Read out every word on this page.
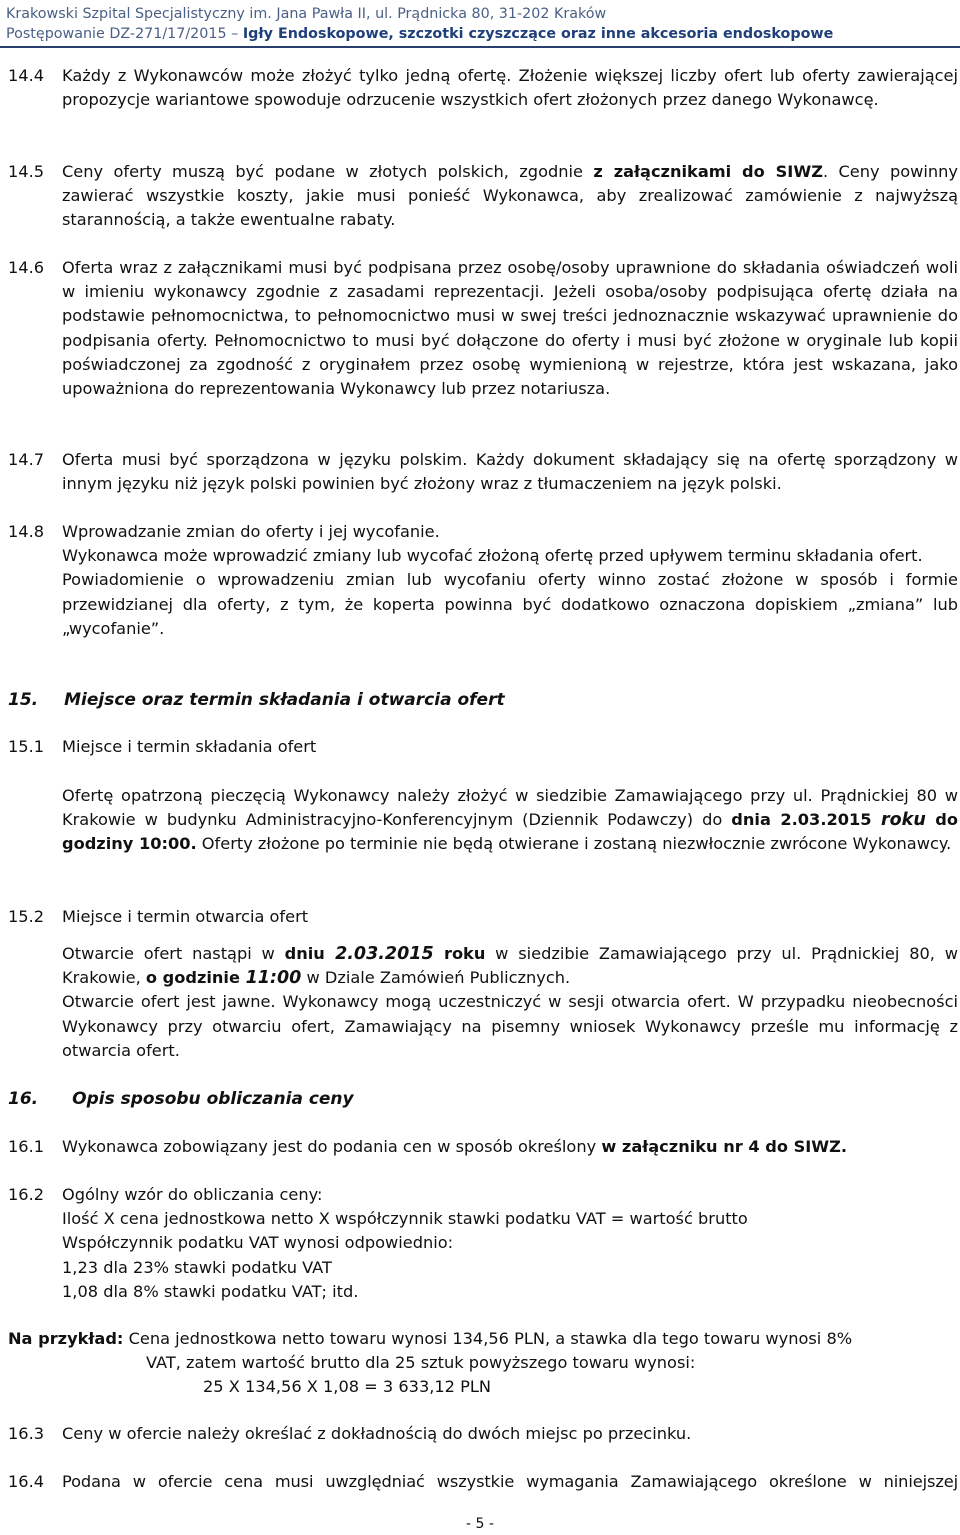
Krakowski Szpital Specjalistyczny im. Jana Pawła II, ul. Prądnicka 80, 31-202 Kraków
Postępowanie DZ-271/17/2015 – Igły Endoskopowe, szczotki czyszczące oraz inne akcesoria endoskopowe
14.4 Każdy z Wykonawców może złożyć tylko jedną ofertę. Złożenie większej liczby ofert lub oferty zawierającej propozycje wariantowe spowoduje odrzucenie wszystkich ofert złożonych przez danego Wykonawcę.
14.5 Ceny oferty muszą być podane w złotych polskich, zgodnie z załącznikami do SIWZ. Ceny powinny zawierać wszystkie koszty, jakie musi ponieść Wykonawca, aby zrealizować zamówienie z najwyższą starannością, a także ewentualne rabaty.
14.6 Oferta wraz z załącznikami musi być podpisana przez osobę/osoby uprawnione do składania oświadczeń woli w imieniu wykonawcy zgodnie z zasadami reprezentacji. Jeżeli osoba/osoby podpisująca ofertę działa na podstawie pełnomocnictwa, to pełnomocnictwo musi w swej treści jednoznacznie wskazywać uprawnienie do podpisania oferty. Pełnomocnictwo to musi być dołączone do oferty i musi być złożone w oryginale lub kopii poświadczonej za zgodność z oryginałem przez osobę wymienioną w rejestrze, która jest wskazana, jako upoważniona do reprezentowania Wykonawcy lub przez notariusza.
14.7 Oferta musi być sporządzona w języku polskim. Każdy dokument składający się na ofertę sporządzony w innym języku niż język polski powinien być złożony wraz z tłumaczeniem na język polski.
14.8 Wprowadzanie zmian do oferty i jej wycofanie.
Wykonawca może wprowadzić zmiany lub wycofać złożoną ofertę przed upływem terminu składania ofert.
Powiadomienie o wprowadzeniu zmian lub wycofaniu oferty winno zostać złożone w sposób i formie przewidzianej dla oferty, z tym, że koperta powinna być dodatkowo oznaczona dopiskiem „zmiana” lub „wycofanie”.
15. Miejsce oraz termin składania i otwarcia ofert
15.1 Miejsce i termin składania ofert
Ofertę opatrzoną pieczęcią Wykonawcy należy złożyć w siedzibie Zamawiającego przy ul. Prądnickiej 80 w Krakowie w budynku Administracyjno-Konferencyjnym (Dziennik Podawczy) do dnia 2.03.2015 roku do godziny 10:00. Oferty złożone po terminie nie będą otwierane i zostaną niezwłocznie zwrócone Wykonawcy.
15.2 Miejsce i termin otwarcia ofert
Otwarcie ofert nastąpi w dniu 2.03.2015 roku w siedzibie Zamawiającego przy ul. Prądnickiej 80, w Krakowie, o godzinie 11:00 w Dziale Zamówień Publicznych.
Otwarcie ofert jest jawne. Wykonawcy mogą uczestniczyć w sesji otwarcia ofert. W przypadku nieobecności Wykonawcy przy otwarciu ofert, Zamawiający na pisemny wniosek Wykonawcy prześle mu informację z otwarcia ofert.
16. Opis sposobu obliczania ceny
16.1 Wykonawca zobowiązany jest do podania cen w sposób określony w załączniku nr 4 do SIWZ.
16.2 Ogólny wzór do obliczania ceny:
Ilość X cena jednostkowa netto X współczynnik stawki podatku VAT = wartość brutto
Współczynnik podatku VAT wynosi odpowiednio:
1,23 dla 23% stawki podatku VAT
1,08 dla 8% stawki podatku VAT; itd.
Na przykład: Cena jednostkowa netto towaru wynosi 134,56 PLN, a stawka dla tego towaru wynosi 8%
VAT, zatem wartość brutto dla 25 sztuk powyższego towaru wynosi:
25 X 134,56 X 1,08 = 3 633,12 PLN
16.3 Ceny w ofercie należy określać z dokładnością do dwóch miejsc po przecinku.
16.4 Podana w ofercie cena musi uwzględniać wszystkie wymagania Zamawiającego określone w niniejszej
- 5 -
